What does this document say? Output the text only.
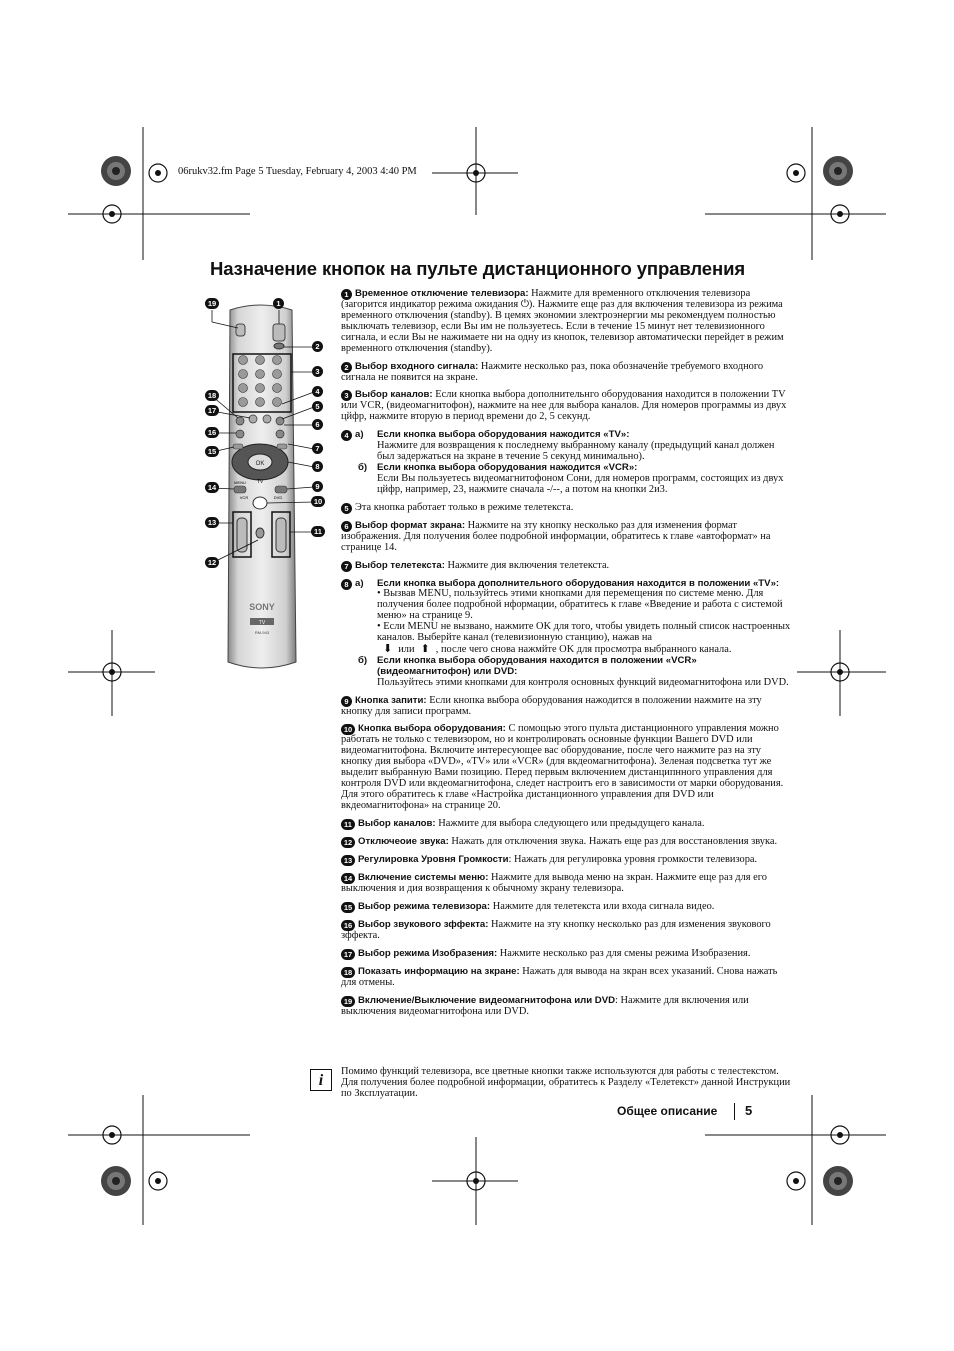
06rukv32.fm Page 5 Tuesday, February 4, 2003 4:40 PM
Назначение кнопок на пульте дистанционного управления
OK
MENU TV
VCR	DVD
SONY
TV
RM-943
19	1
2
3
4
5
6
7
8
9
10
11
18
17
16
15
14
13
12
1 Временное отключение телевизора: Нажмите для временного отключения телевизора (загорится индикатор режима ожидания ⏻). Нажмите еще раз для включения телевизора из режима временного отключения (standby). В цемях экономии злектроэнергии мы рекомендуем полностью выключать телевизор, если Вы им не пользуетесь. Если в течение 15 минут нет телевизионного сигнала, и если Вы не нажимаете ни на одну из кнопок, телевизор автоматически перейдет в режим временного отключения (standby).
2 Выбор входного сигнала: Нажмите несколько раз, пока обозначенйе требуемого входного сигнала не появится на зкране.
3 Выбор каналов: Если кнопка выбора дополнительнго оборудования находится в положении TV или VCR, (видеомагнитофон), нажмите на нее для выбора каналов. Для номеров программы из двух цйфр, нажмите вторую в период времени до 2, 5 секунд.
4 а)	Если кнопка выбора оборудования нажодится «TV»:
Нажмите для возвращения к последнему выбранному каналу (предыдущий канал должен был задержаться на зкране в течение 5 секунд минимально).
б)	Если кнопка выбора оборудования нажодится «VCR»:
Если Вы пользуетесь видеомагнитофоном Сони, для номеров программ, состоящих из двух цйфр, например, 23, нажмите сначала -/--, а потом на кнопки 2и3.
5 Эта кнопка работает только в режиме телетекста.
6 Выбор формат зкрана: Нажмите на зту кнопку несколько раз для изменения формат изображения. Для получения более подробной информации, обратитесь к главе «автоформат» на странице 14.
7 Выбор телетекста: Нажмите дия включения телетекста.
8 а)	Если кнопка выбора дополнительного оборудования находится в положении «TV»:
• Вызвав MENU, пользуйтесь этими кнопками для перемещения по системе меню. Для получения более подробной нформации, обратитесь к главе «Введение и работа с системой меню» на странице 9.
• Если MENU не вызвано, нажмите OK для того, чтобы увидеть полный список настроенных каналов. Выберйте канал (телевизионную станцию), нажав на
⬇ или ⬆ , после чего снова нажмйте OK для просмотра выбранного канала.
б)	Если кнопка выбора оборудования находится в положении «VCR» (видеомагнитофон) или DVD:
Пользуйтесь этими кнопками для контроля основных функций видеомагнитофона или DVD.
9 Кнопка запити: Если кнопка выбора оборудования нажодится в положении нажмите на зту кнопку для записи программ.
10 Кнопка выбора оборудования: С помощью этого пульта дистанционного управления можно работать не только с телевизором, но и контролировать основные функции Вашего DVD или видеомагнитофона. Включите интересующее вас оборудование, после чего нажмите раз на зту кнопку дия выбора «DVD», «TV» или «VCR» (для вкдеомагнитофона). Зеленая подсветка тут же выделит выбранную Вами позицию. Перед первым включением дистанципнного управления для контроля DVD или вкдеомагнитофона, следет настроитъ его в зависимости от марки оборудования. Для этого обратитесь к главе «Настройка дистанционного управления дпя DVD или вкдеомагнитофона» на странице 20.
11 Выбор каналов: Нажмите для выбора следующего или предыдущего канала.
12 Отключеоие звука: Нажать для отключения звука. Нажать еще раз для восстановления звука.
13 Регулировка Уровня Громкости: Нажать для регулировка уровня громкости телевизора.
14 Включение системы меню: Нажмите для вывода меню на зкран. Нажмите еще раз для его выключения и дия возвращения к обычному зкрану телевизора.
15 Выбор режима телевизора: Нажмите для телетекста или входа сигнала видео.
16 Выбор звукового зффекта: Нажмите на зту кнопку несколько раз для изменения звукового зффекта.
17 Выбор режима Изобразения: Нажмите несколько раз для смены режима Изобразения.
18 Показать информацию на зкране: Нажать для вывода на зкран всех указаний. Снова нажать для отмены.
19 Включение/Выключение видеомагнитофона или DVD: Нажмите для включения или выключения видеомагнитофона или DVD.
i
Помимо функций телевизора, все цветные кнопки также используются для работы с телестекстом. Для получения более подробной информации, обратитесь к Разделу «Телетекст» данной Инструкции по Зксплуатации.
Общее описание 5
